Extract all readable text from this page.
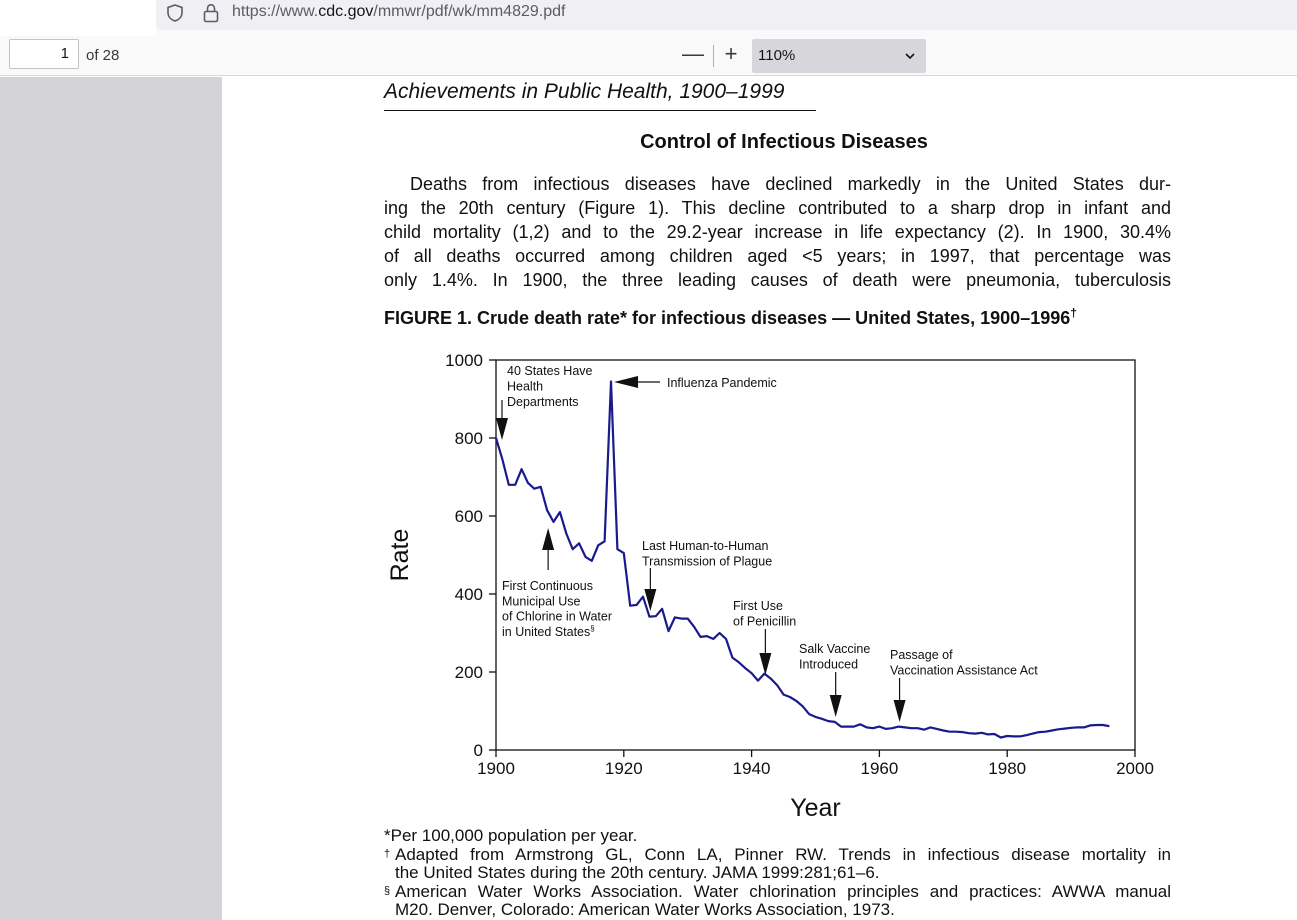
https://www.cdc.gov/mmwr/pdf/wk/mm4829.pdf
1	of 28	— +	110%
Achievements in Public Health, 1900–1999
Control of Infectious Diseases
Deaths from infectious diseases have declined markedly in the United States dur-
ing the 20th century (Figure 1). This decline contributed to a sharp drop in infant and
child mortality (1,2) and to the 29.2-year increase in life expectancy (2). In 1900, 30.4%
of all deaths occurred among children aged <5 years; in 1997, that percentage was
only 1.4%. In 1900, the three leading causes of death were pneumonia, tuberculosis
FIGURE 1. Crude death rate* for infectious diseases — United States, 1900–1996†
0
200
400
600
800
1000
1900	1920	1940	1960	1980	2000
Year
Rate
40 States Have
Health
Departments
Influenza Pandemic
First Continuous
Municipal Use
of Chlorine in Water
in United States§
Last Human-to-Human
Transmission of Plague
First Use
of Penicillin
Salk Vaccine
Introduced
Passage of
Vaccination Assistance Act
*Per 100,000 population per year.
† Adapted from Armstrong GL, Conn LA, Pinner RW. Trends in infectious disease mortality in
the United States during the 20th century. JAMA 1999:281;61–6.
§ American Water Works Association. Water chlorination principles and practices: AWWA manual
M20. Denver, Colorado: American Water Works Association, 1973.
